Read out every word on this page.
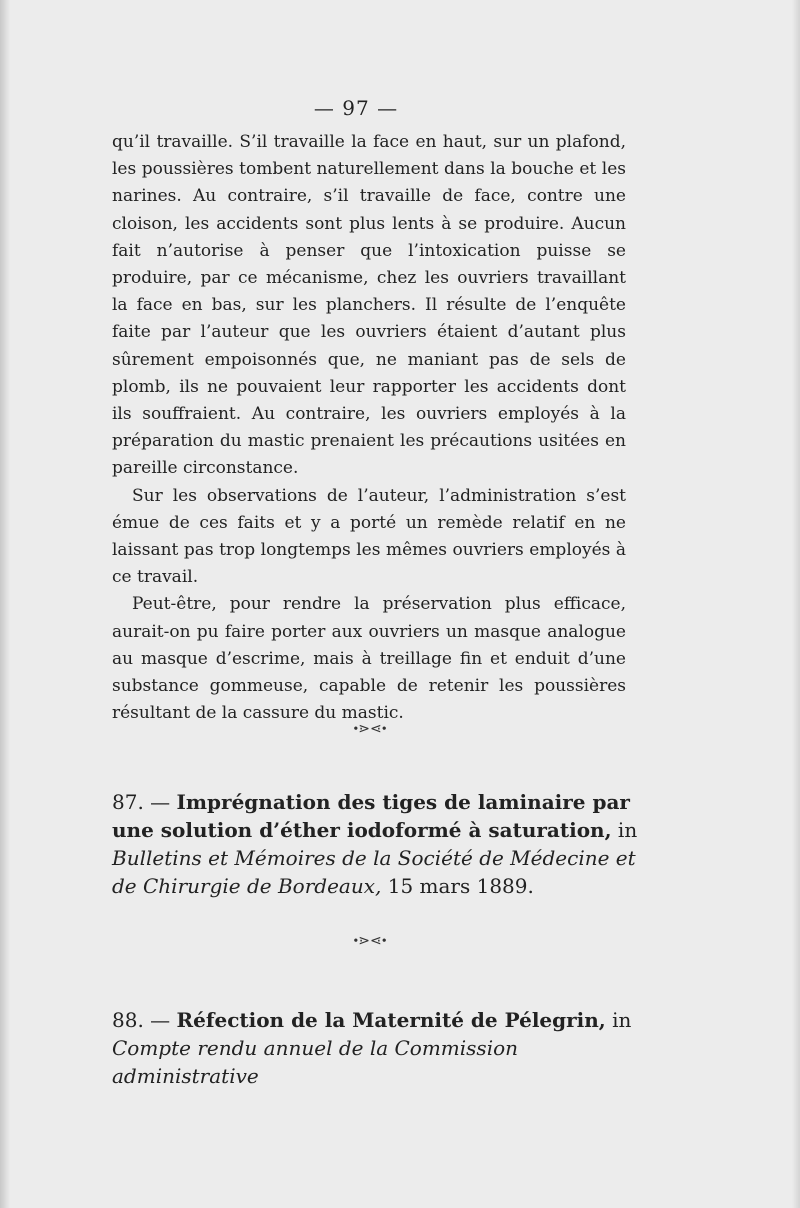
— 97 —

qu’il travaille. S’il travaille la face en haut, sur un plafond, les poussières tombent naturellement dans la bouche et les narines. Au contraire, s’il travaille de face, contre une cloison, les accidents sont plus lents à se produire. Aucun fait n’autorise à penser que l’intoxication puisse se produire, par ce mécanisme, chez les ouvriers travaillant la face en bas, sur les planchers. Il résulte de l’enquête faite par l’auteur que les ouvriers étaient d’autant plus sûrement empoisonnés que, ne maniant pas de sels de plomb, ils ne pouvaient leur rapporter les accidents dont ils souffraient. Au contraire, les ouvriers employés à la préparation du mastic prenaient les précautions usitées en pareille circonstance.

Sur les observations de l’auteur, l’administration s’est émue de ces faits et y a porté un remède relatif en ne laissant pas trop longtemps les mêmes ouvriers employés à ce travail.

Peut-être, pour rendre la préservation plus efficace, aurait-on pu faire porter aux ouvriers un masque analogue au masque d’escrime, mais à treillage fin et enduit d’une substance gommeuse, capable de retenir les poussières résultant de la cassure du mastic.

•⋗⋖•
87. — Imprégnation des tiges de laminaire par une solution d’éther iodoformé à saturation, in Bulletins et Mémoires de la Société de Médecine et de Chirurgie de Bordeaux, 15 mars 1889.
•⋗⋖•
88. — Réfection de la Maternité de Pélegrin, in Compte rendu annuel de la Commission administrative
